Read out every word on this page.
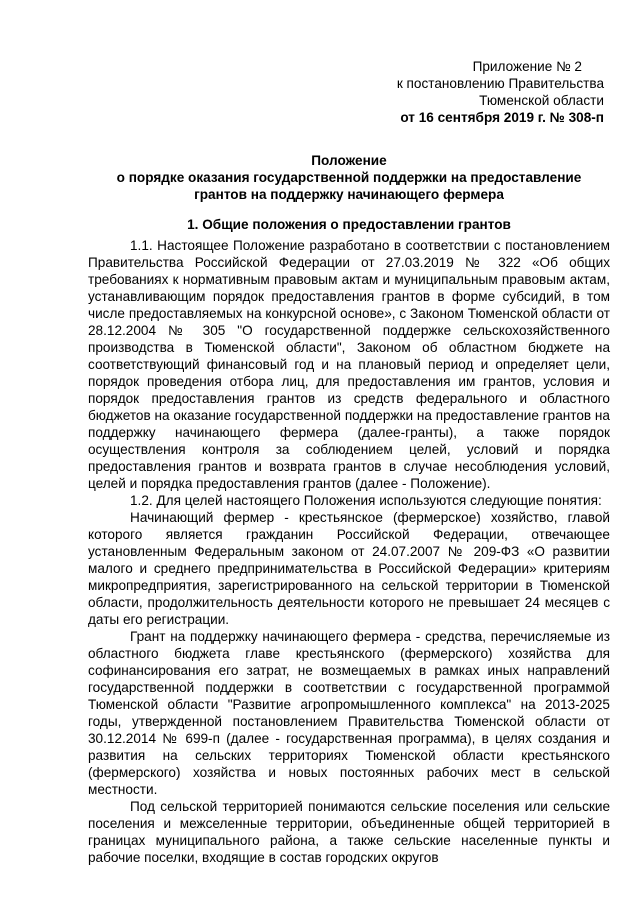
Приложение № 2
к постановлению Правительства
Тюменской области
от 16 сентября 2019 г. № 308-п
Положение
о порядке оказания государственной поддержки на предоставление
грантов на поддержку начинающего фермера
1. Общие положения о предоставлении грантов

1.1. Настоящее Положение разработано в соответствии с постановлением Правительства Российской Федерации от 27.03.2019 № 322 «Об общих требованиях к нормативным правовым актам и муниципальным правовым актам, устанавливающим порядок предоставления грантов в форме субсидий, в том числе предоставляемых на конкурсной основе», с Законом Тюменской области от 28.12.2004 № 305 "О государственной поддержке сельскохозяйственного производства в Тюменской области", Законом об областном бюджете на соответствующий финансовый год и на плановый период и определяет цели, порядок проведения отбора лиц, для предоставления им грантов, условия и порядок предоставления грантов из средств федерального и областного бюджетов на оказание государственной поддержки на предоставление грантов на поддержку начинающего фермера (далее-гранты), а также порядок осуществления контроля за соблюдением целей, условий и порядка предоставления грантов и возврата грантов в случае несоблюдения условий, целей и порядка предоставления грантов (далее - Положение).

1.2. Для целей настоящего Положения используются следующие понятия:

Начинающий фермер - крестьянское (фермерское) хозяйство, главой которого является гражданин Российской Федерации, отвечающее установленным Федеральным законом от 24.07.2007 № 209-ФЗ «О развитии малого и среднего предпринимательства в Российской Федерации» критериям микропредприятия, зарегистрированного на сельской территории в Тюменской области, продолжительность деятельности которого не превышает 24 месяцев с даты его регистрации.

Грант на поддержку начинающего фермера - средства, перечисляемые из областного бюджета главе крестьянского (фермерского) хозяйства для софинансирования его затрат, не возмещаемых в рамках иных направлений государственной поддержки в соответствии с государственной программой Тюменской области "Развитие агропромышленного комплекса" на 2013-2025 годы, утвержденной постановлением Правительства Тюменской области от 30.12.2014 № 699-п (далее - государственная программа), в целях создания и развития на сельских территориях Тюменской области крестьянского (фермерского) хозяйства и новых постоянных рабочих мест в сельской местности.

Под сельской территорией понимаются сельские поселения или сельские поселения и межселенные территории, объединенные общей территорией в границах муниципального района, а также сельские населенные пункты и рабочие поселки, входящие в состав городских округов
